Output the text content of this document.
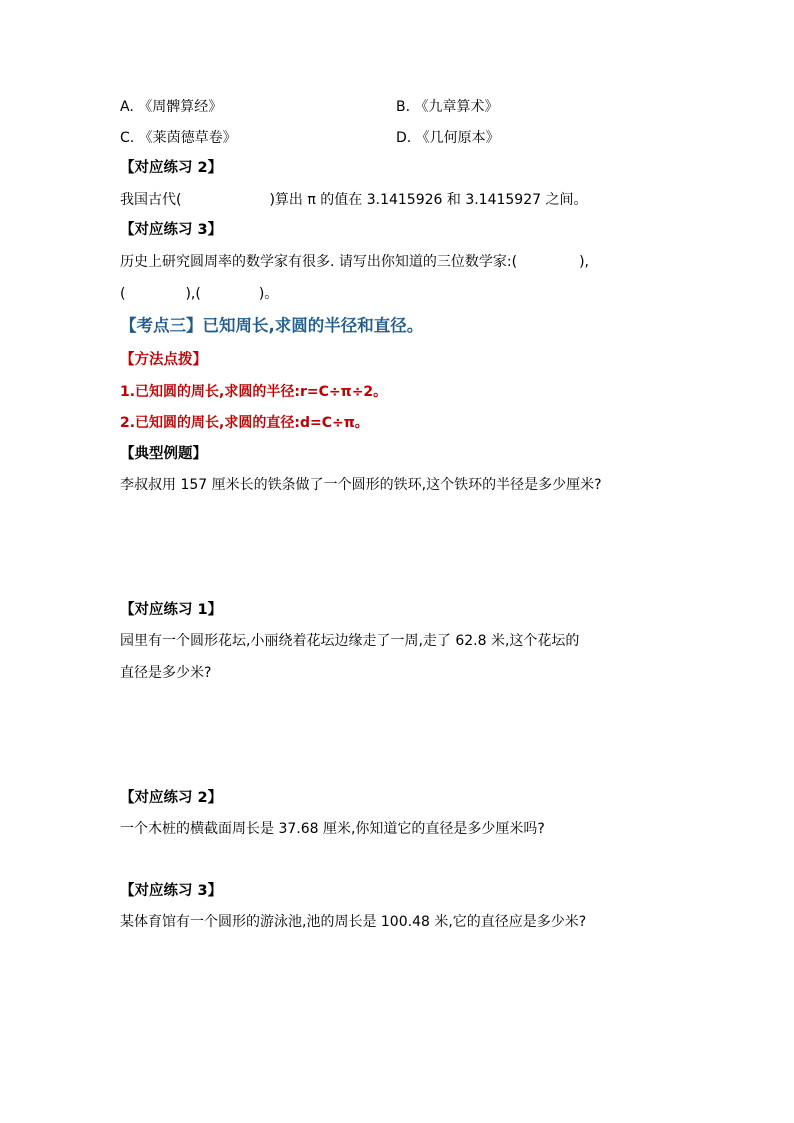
A. 《周髀算经》	B. 《九章算术》
C. 《莱茵德草卷》	D. 《几何原本》
【对应练习 2】
我国古代(	)算出 π 的值在 3.1415926 和 3.1415927 之间。
【对应练习 3】
历史上研究圆周率的数学家有很多. 请写出你知道的三位数学家:(	),
(	),(	)。
【考点三】已知周长,求圆的半径和直径。
【方法点拨】
1.已知圆的周长,求圆的半径:r=C÷π÷2。
2.已知圆的周长,求圆的直径:d=C÷π。
【典型例题】
李叔叔用 157 厘米长的铁条做了一个圆形的铁环,这个铁环的半径是多少厘米?
【对应练习 1】
园里有一个圆形花坛,小丽绕着花坛边缘走了一周,走了 62.8 米,这个花坛的
直径是多少米?
【对应练习 2】
一个木桩的横截面周长是 37.68 厘米,你知道它的直径是多少厘米吗?
【对应练习 3】
某体育馆有一个圆形的游泳池,池的周长是 100.48 米,它的直径应是多少米?
